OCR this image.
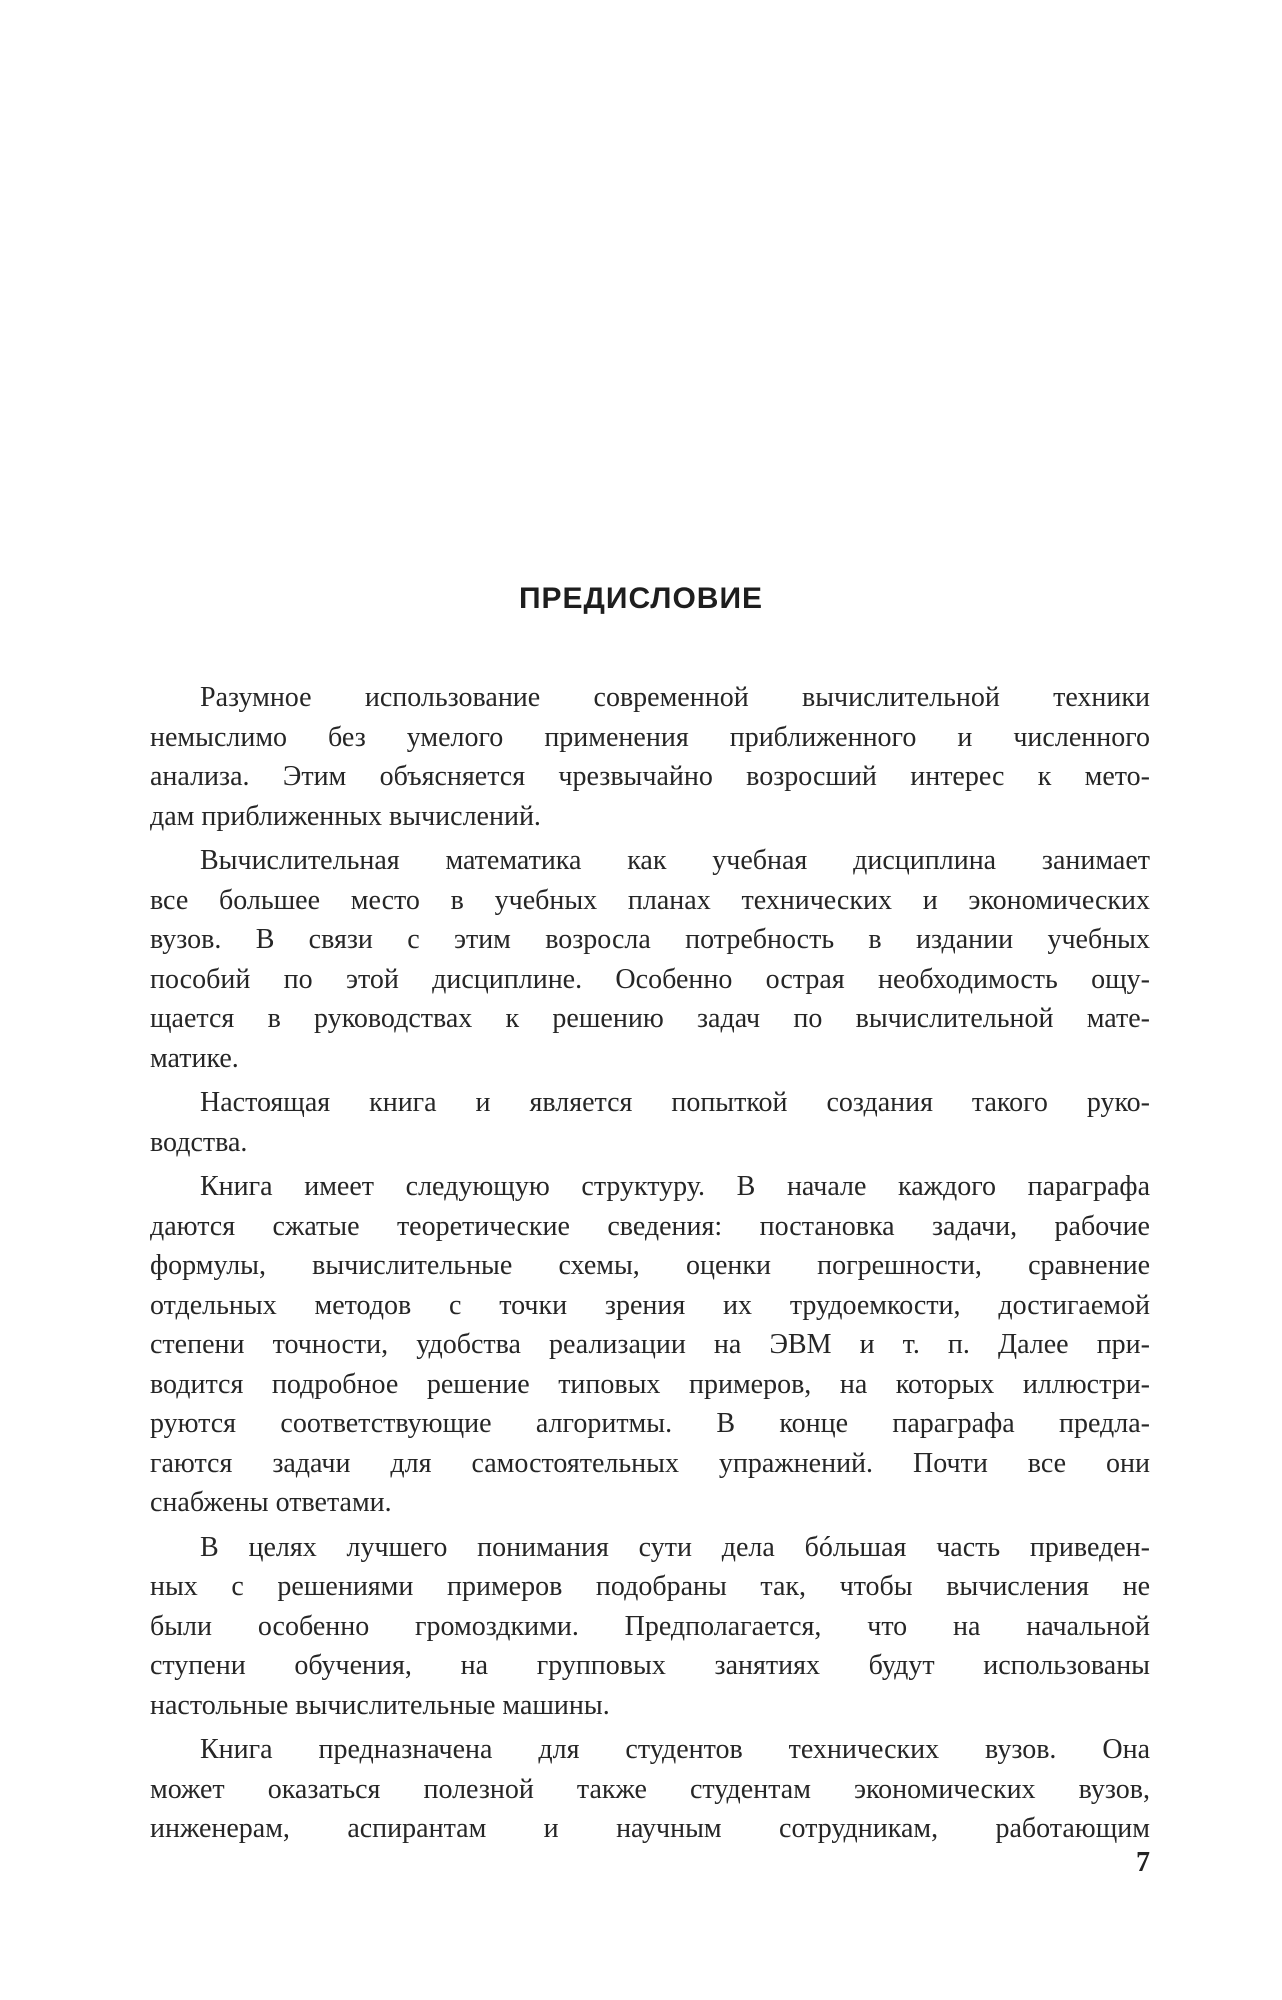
ПРЕДИСЛОВИЕ
Разумное использование современной вычислительной техники
немыслимо без умелого применения приближенного и численного
анализа. Этим объясняется чрезвычайно возросший интерес к мето-
дам приближенных вычислений.
Вычислительная математика как учебная дисциплина занимает
все большее место в учебных планах технических и экономических
вузов. В связи с этим возросла потребность в издании учебных
пособий по этой дисциплине. Особенно острая необходимость ощу-
щается в руководствах к решению задач по вычислительной мате-
матике.
Настоящая книга и является попыткой создания такого руко-
водства.
Книга имеет следующую структуру. В начале каждого параграфа
даются сжатые теоретические сведения: постановка задачи, рабочие
формулы, вычислительные схемы, оценки погрешности, сравнение
отдельных методов с точки зрения их трудоемкости, достигаемой
степени точности, удобства реализации на ЭВМ и т. п. Далее при-
водится подробное решение типовых примеров, на которых иллюстри-
руются соответствующие алгоритмы. В конце параграфа предла-
гаются задачи для самостоятельных упражнений. Почти все они
снабжены ответами.
В целях лучшего понимания сути дела бóльшая часть приведен-
ных с решениями примеров подобраны так, чтобы вычисления не
были особенно громоздкими. Предполагается, что на начальной
ступени обучения, на групповых занятиях будут использованы
настольные вычислительные машины.
Книга предназначена для студентов технических вузов. Она
может оказаться полезной также студентам экономических вузов,
инженерам, аспирантам и научным сотрудникам, работающим
7
